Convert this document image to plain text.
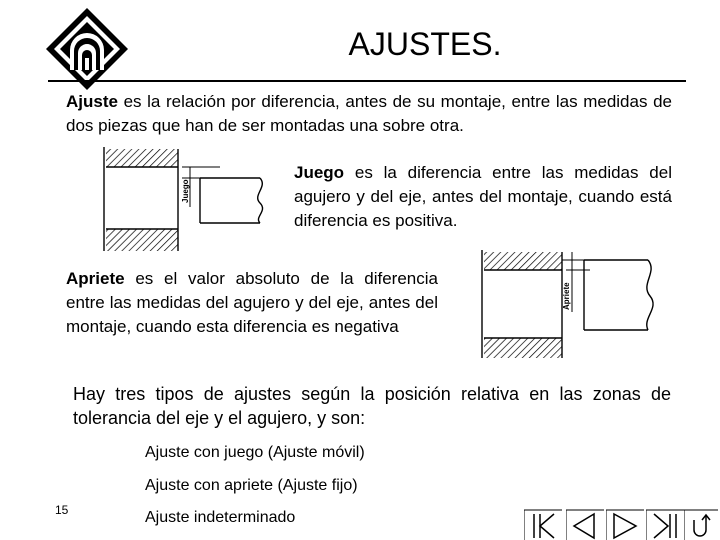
AJUSTES.
Ajuste es la relación por diferencia, antes de su montaje, entre las medidas de dos piezas que han de ser montadas una sobre otra.
Juego
Juego es la diferencia entre las medidas del agujero y del eje, antes del montaje, cuando está diferencia es positiva.
Apriete es el valor absoluto de la diferencia entre las medidas del agujero y del eje, antes del montaje, cuando esta diferencia es negativa
Apriete
Hay tres tipos de ajustes según la posición relativa en las zonas de tolerancia del eje y el agujero, y son:
Ajuste con juego (Ajuste móvil)
Ajuste con apriete (Ajuste fijo)
Ajuste indeterminado
15
